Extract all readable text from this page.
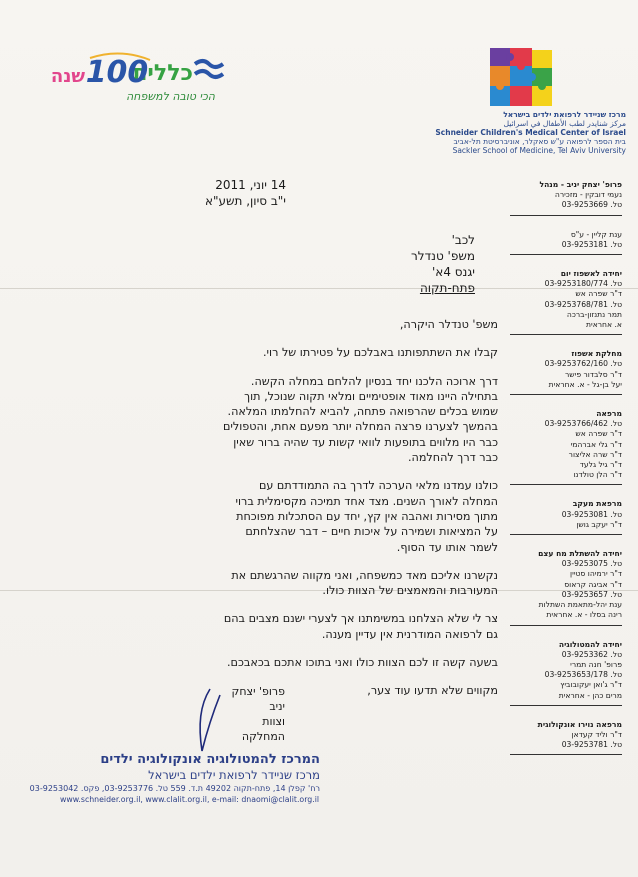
כללית
100
שנה
הכי טובה למשפחה
מרכז שניידר לרפואת ילדים בישראל
مركز شنايدر لطب الأطفال في اسرائيل
Schneider Children's Medical Center of Israel
בית הספר לרפואה ע"ש סאקלר, אוניברסיטת תל-אביב
Sackler School of Medicine, Tel Aviv University
14 יוני, 2011
י"ב סיון, תשע"א
לכב'
משפ' טנדלר
יגנס 4א'
פתח-תקוה

משפ' טנדלר היקרה,

קבלו את השתתפותנו באבלכם על פטירתו של רוי.

דרך ארוכה הלכנו יחד בנסיון להלחם במחלה הקשה. בתחילה היינו מאוד אופטימיים ומלאי תקוה שנוכל, תוך שמוש בכלים שהרפואה פתחה, להביא להחלמתו המלאה. בהמשך לצערנו פרצה המחלה יותר מפעם אחת, והטפולים כבר היו מלווים בתופעות לוואי קשות עד שהיה ברור שאין כבר דרך להחלמה.

כולנו עמדנו מלאי הערכה לדרך בה התמודדתם עם המחלה לאורך השנים. מצד אחד תמיכה מקסימלית ברוי מתוך מסירות ואהבה אין קץ, יחד עם הסתכלות מפוכחת על המציאות ושמירה על איכות חיים – דבר שהצלחתם לשמר אותו עד הסוף.

נקשרנו אליכם מאד כמשפחה, ואני מקווה שהרגשתם את המעורבות והמאמצים של הצוות כולו.

צר לי שלא הצלחנו במשימתנו אך לצערי ישנם מצבים בהם גם לרפואה המודרנית אין עדיין מענה.

בשעה קשה זו לכם הצוות כולו ואני בתוכו אתכם בכאבכם.

מקווים שלא תדעו עוד צער,

פרופ' יצחק יניב
וצוות המחלקה
פרופ' יצחק יניב - מנהל
נעמי דובקין - מזכירה
טל. 03-9253669
ענת קליין - ע"ס
טל. 03-9253181
יחידה לאשפוז יום
טל. 03-9253180/774
ד"ר שפרה אש
טל. 03-9253768/781
תמר נתנזון-ברכה
א. אחראית
מחלקת אשפוז
טל. 03-9253762/160
ד"ר סלבדור פישר
יעל בן-גל - א. אחראית
מרפאה
טל. 03-9253766/462
ד"ר שפרה אש
ד"ר גלי אברהמי
ד"ר שרה אליצור
ד"ר גיל גלעד
ד"ר הלן טולדנו
מרפאת מעקב
טל. 03-9253081
ד"ר יעקב גושן
יחידה להשתלת מח עצם
טל. 03-9253075
ד"ר ירמיהו סטיין
ד"ר אביגה קראוס
טל. 03-9253657
ענת יהל-מתאמת השתלות
רינה בסלו - א. אחראית
יחידה להמטולוגיה
טל. 03-9253362
פרופ' חנה תמרי
טל. 03-9253653/178
ד"ר ג'ואן יעקובוביץ
מרים כהן - אחראית
מרפאה נוירו אונקולוגית
ד"ר וליד קעדאן
טל. 03-9253781
המרכז להמטולוגיה אונקולוגיה ילדים
מרכז שניידר לרפואת ילדים בישראל
רח' קפלן 14, פתח-תקוה 49202 ת.ד. 559 טל. 03-9253776, פקס. 03-9253042
www.schneider.org.il, www.clalit.org.il, e-mail: dnaomi@clalit.org.il
